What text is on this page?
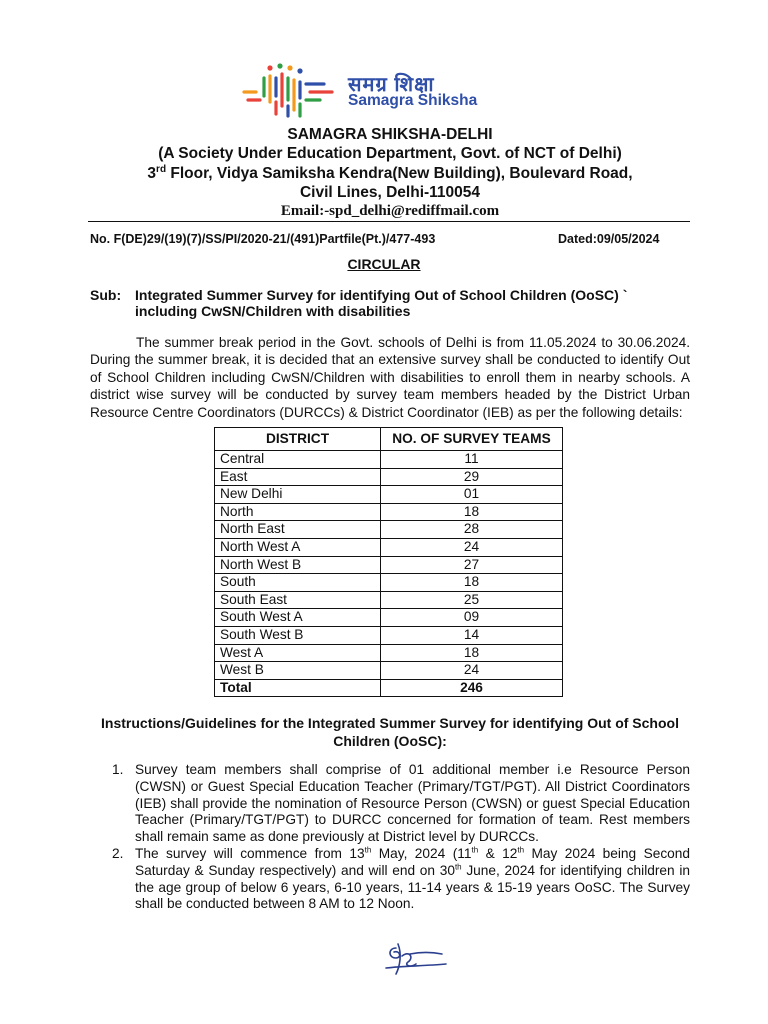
समग्र शिक्षा
Samagra Shiksha
SAMAGRA SHIKSHA-DELHI
(A Society Under Education Department, Govt. of NCT of Delhi)
3rd Floor, Vidya Samiksha Kendra(New Building), Boulevard Road,
Civil Lines, Delhi-110054
Email:-spd_delhi@rediffmail.com
No. F(DE)29/(19)(7)/SS/PI/2020-21/(491)Partfile(Pt.)/477-493	Dated:09/05/2024
CIRCULAR
Sub: Integrated Summer Survey for identifying Out of School Children (OoSC) ` including CwSN/Children with disabilities
The summer break period in the Govt. schools of Delhi is from 11.05.2024 to 30.06.2024. During the summer break, it is decided that an extensive survey shall be conducted to identify Out of School Children including CwSN/Children with disabilities to enroll them in nearby schools. A district wise survey will be conducted by survey team members headed by the District Urban Resource Centre Coordinators (DURCCs) & District Coordinator (IEB) as per the following details:
DISTRICT	NO. OF SURVEY TEAMS
Central	11
East	29
New Delhi	01
North	18
North East	28
North West A	24
North West B	27
South	18
South East	25
South West A	09
South West B	14
West A	18
West B	24
Total	246
Instructions/Guidelines for the Integrated Summer Survey for identifying Out of School Children (OoSC):
1. Survey team members shall comprise of 01 additional member i.e Resource Person (CWSN) or Guest Special Education Teacher (Primary/TGT/PGT). All District Coordinators (IEB) shall provide the nomination of Resource Person (CWSN) or guest Special Education Teacher (Primary/TGT/PGT) to DURCC concerned for formation of team. Rest members shall remain same as done previously at District level by DURCCs.
2. The survey will commence from 13th May, 2024 (11th & 12th May 2024 being Second Saturday & Sunday respectively) and will end on 30th June, 2024 for identifying children in the age group of below 6 years, 6-10 years, 11-14 years & 15-19 years OoSC. The Survey shall be conducted between 8 AM to 12 Noon.
